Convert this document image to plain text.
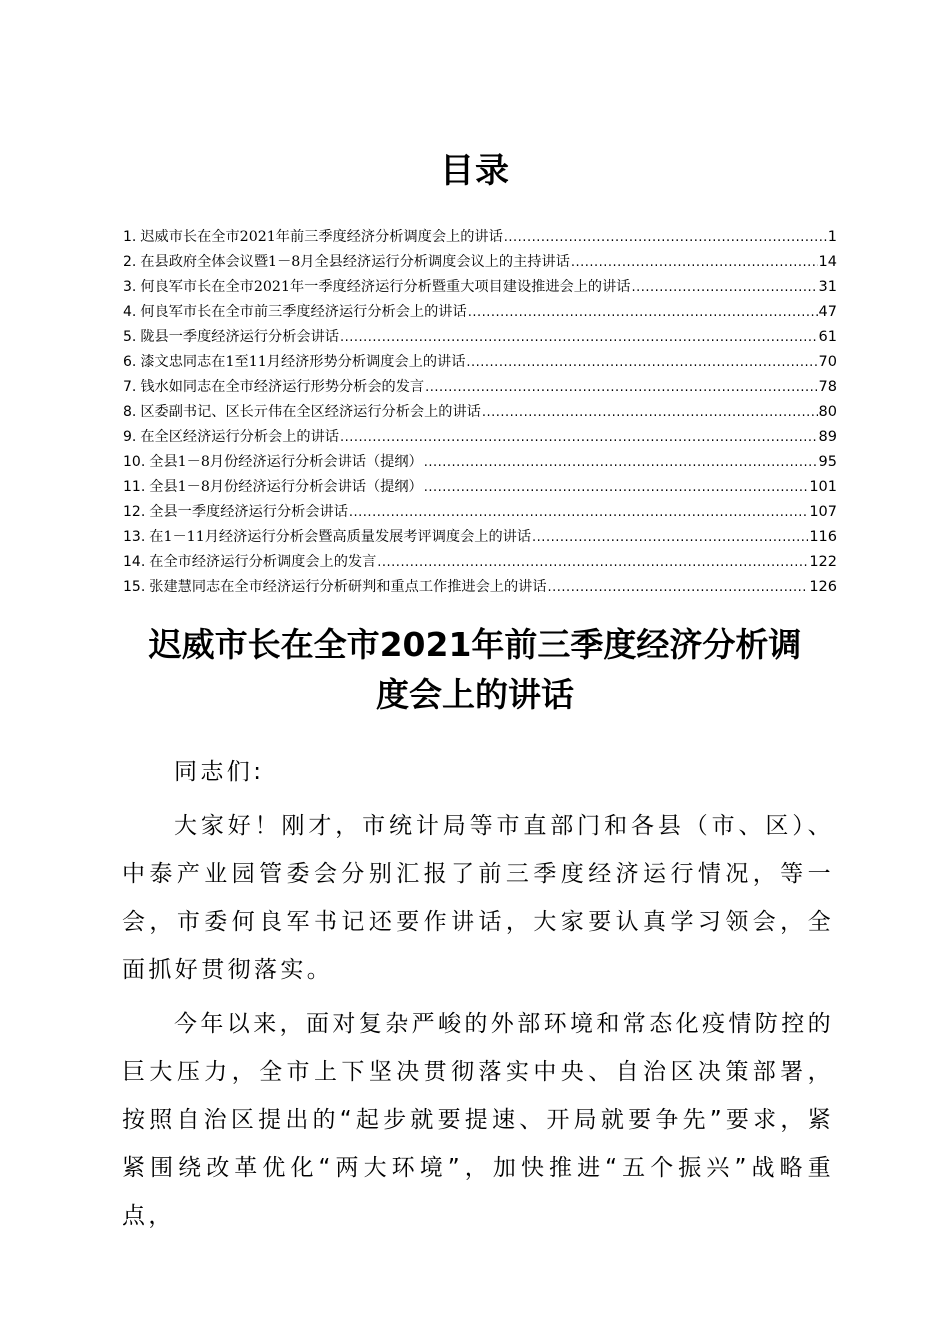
目录
1. 迟威市长在全市2021年前三季度经济分析调度会上的讲话 .....	1
2. 在县政府全体会议暨1－8月全县经济运行分析调度会议上的主持讲话 .....	14
3. 何良军市长在全市2021年一季度经济运行分析暨重大项目建设推进会上的讲话 .....	31
4. 何良军市长在全市前三季度经济运行分析会上的讲话 .....	47
5. 陇县一季度经济运行分析会讲话 .....	61
6. 漆文忠同志在1至11月经济形势分析调度会上的讲话 .....	70
7. 钱水如同志在全市经济运行形势分析会的发言 .....	78
8. 区委副书记、区长亓伟在全区经济运行分析会上的讲话 .....	80
9. 在全区经济运行分析会上的讲话 .....	89
10. 全县1－8月份经济运行分析会讲话（提纲） .....	95
11. 全县1－8月份经济运行分析会讲话（提纲） .....	101
12. 全县一季度经济运行分析会讲话 .....	107
13. 在1－11月经济运行分析会暨高质量发展考评调度会上的讲话 .....	116
14. 在全市经济运行分析调度会上的发言 .....	122
15. 张建慧同志在全市经济运行分析研判和重点工作推进会上的讲话 .....	126
迟威市长在全市2021年前三季度经济分析调
度会上的讲话

同志们:

大家好！刚才，市统计局等市直部门和各县（市、区）、中泰产业园管委会分别汇报了前三季度经济运行情况，等一会，市委何良军书记还要作讲话，大家要认真学习领会，全面抓好贯彻落实。

今年以来，面对复杂严峻的外部环境和常态化疫情防控的巨大压力，全市上下坚决贯彻落实中央、自治区决策部署，按照自治区提出的“起步就要提速、开局就要争先”要求，紧紧围绕改革优化“两大环境”，加快推进“五个振兴”战略重点，
